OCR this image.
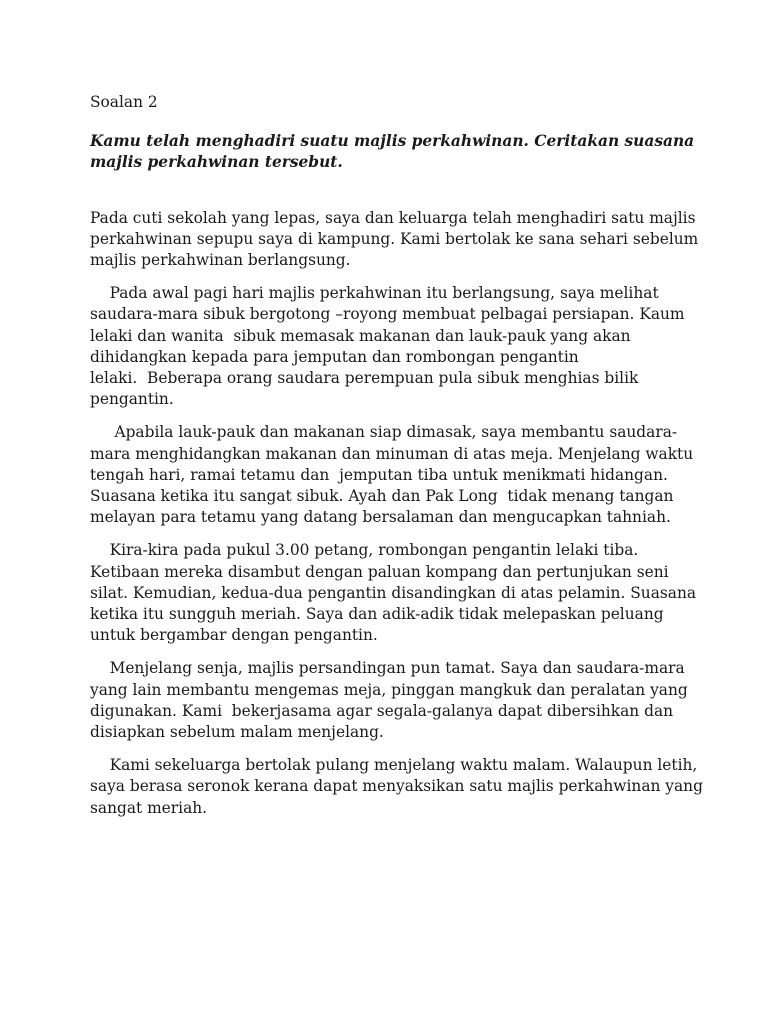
Soalan 2
Kamu telah menghadiri suatu majlis perkahwinan. Ceritakan suasana
majlis perkahwinan tersebut.
Pada cuti sekolah yang lepas, saya dan keluarga telah menghadiri satu majlis
perkahwinan sepupu saya di kampung. Kami bertolak ke sana sehari sebelum
majlis perkahwinan berlangsung.
Pada awal pagi hari majlis perkahwinan itu berlangsung, saya melihat
saudara-mara sibuk bergotong –royong membuat pelbagai persiapan. Kaum
lelaki dan wanita  sibuk memasak makanan dan lauk-pauk yang akan
dihidangkan kepada para jemputan dan rombongan pengantin
lelaki.  Beberapa orang saudara perempuan pula sibuk menghias bilik
pengantin.
Apabila lauk-pauk dan makanan siap dimasak, saya membantu saudara-
mara menghidangkan makanan dan minuman di atas meja. Menjelang waktu
tengah hari, ramai tetamu dan  jemputan tiba untuk menikmati hidangan.
Suasana ketika itu sangat sibuk. Ayah dan Pak Long  tidak menang tangan
melayan para tetamu yang datang bersalaman dan mengucapkan tahniah.
Kira-kira pada pukul 3.00 petang, rombongan pengantin lelaki tiba.
Ketibaan mereka disambut dengan paluan kompang dan pertunjukan seni
silat. Kemudian, kedua-dua pengantin disandingkan di atas pelamin. Suasana
ketika itu sungguh meriah. Saya dan adik-adik tidak melepaskan peluang
untuk bergambar dengan pengantin.
Menjelang senja, majlis persandingan pun tamat. Saya dan saudara-mara
yang lain membantu mengemas meja, pinggan mangkuk dan peralatan yang
digunakan. Kami  bekerjasama agar segala-galanya dapat dibersihkan dan
disiapkan sebelum malam menjelang.
Kami sekeluarga bertolak pulang menjelang waktu malam. Walaupun letih,
saya berasa seronok kerana dapat menyaksikan satu majlis perkahwinan yang
sangat meriah.
